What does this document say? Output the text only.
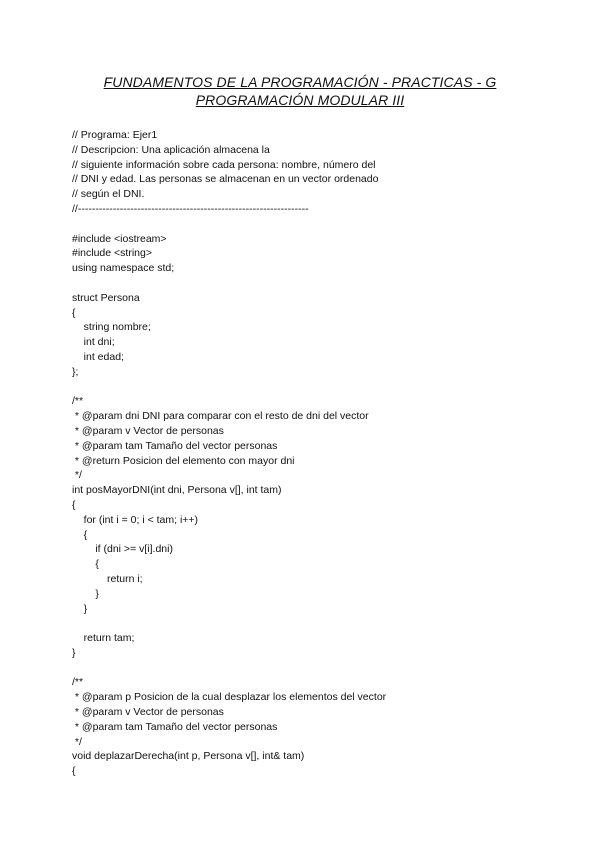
FUNDAMENTOS DE LA PROGRAMACIÓN - PRACTICAS - G
PROGRAMACIÓN MODULAR III
// Programa: Ejer1
// Descripcion: Una aplicación almacena la
// siguiente información sobre cada persona: nombre, número del
// DNI y edad. Las personas se almacenan en un vector ordenado
// según el DNI.
//------------------------------------------------------------------
#include <iostream>
#include <string>
using namespace std;
struct Persona
{
string nombre;
int dni;
int edad;
};
/**
* @param dni DNI para comparar con el resto de dni del vector
* @param v Vector de personas
* @param tam Tamaño del vector personas
* @return Posicion del elemento con mayor dni
*/
int posMayorDNI(int dni, Persona v[], int tam)
{
for (int i = 0; i < tam; i++)
{
if (dni >= v[i].dni)
{
return i;
}
}
return tam;
}
/**
* @param p Posicion de la cual desplazar los elementos del vector
* @param v Vector de personas
* @param tam Tamaño del vector personas
*/
void deplazarDerecha(int p, Persona v[], int& tam)
{
